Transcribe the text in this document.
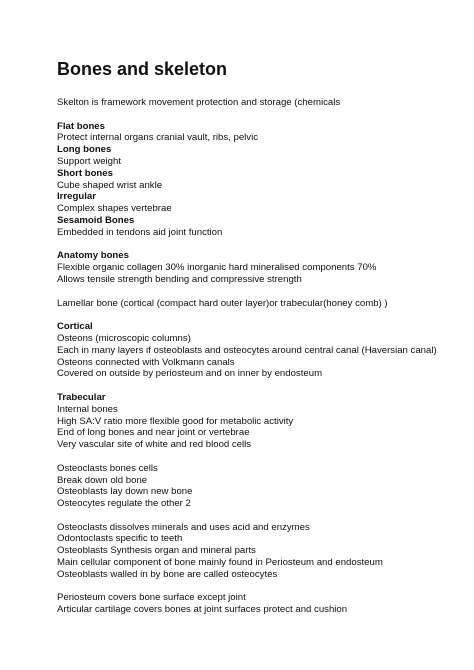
Bones and skeleton
Skelton is framework movement protection and storage (chemicals
Flat bones
Protect internal organs cranial vault, ribs, pelvic
Long bones
Support weight
Short bones
Cube shaped wrist ankle
Irregular
Complex shapes vertebrae
Sesamoid Bones
Embedded in tendons aid joint function
Anatomy bones
Flexible organic collagen 30% inorganic hard mineralised components 70%
Allows tensile strength bending and compressive strength
Lamellar bone (cortical (compact hard outer layer)or trabecular(honey comb) )
Cortical
Osteons (microscopic columns)
Each in many layers if osteoblasts and osteocytes around central canal (Haversian canal)
Osteons connected with Volkmann canals
Covered on outside by periosteum and on inner by endosteum
Trabecular
Internal bones
High SA:V ratio more flexible good for metabolic activity
End of long bones and near joint or vertebrae
Very vascular site of white and red blood cells
Osteoclasts bones cells
Break down old bone
Osteoblasts lay down new bone
Osteocytes regulate the other 2
Osteoclasts dissolves minerals and uses acid and enzymes
Odontoclasts specific to teeth
Osteoblasts Synthesis organ and mineral parts
Main cellular component of bone mainly found in Periosteum and endosteum
Osteoblasts walled in by bone are called osteocytes
Periosteum covers bone surface except joint
Articular cartilage covers bones at joint surfaces protect and cushion
